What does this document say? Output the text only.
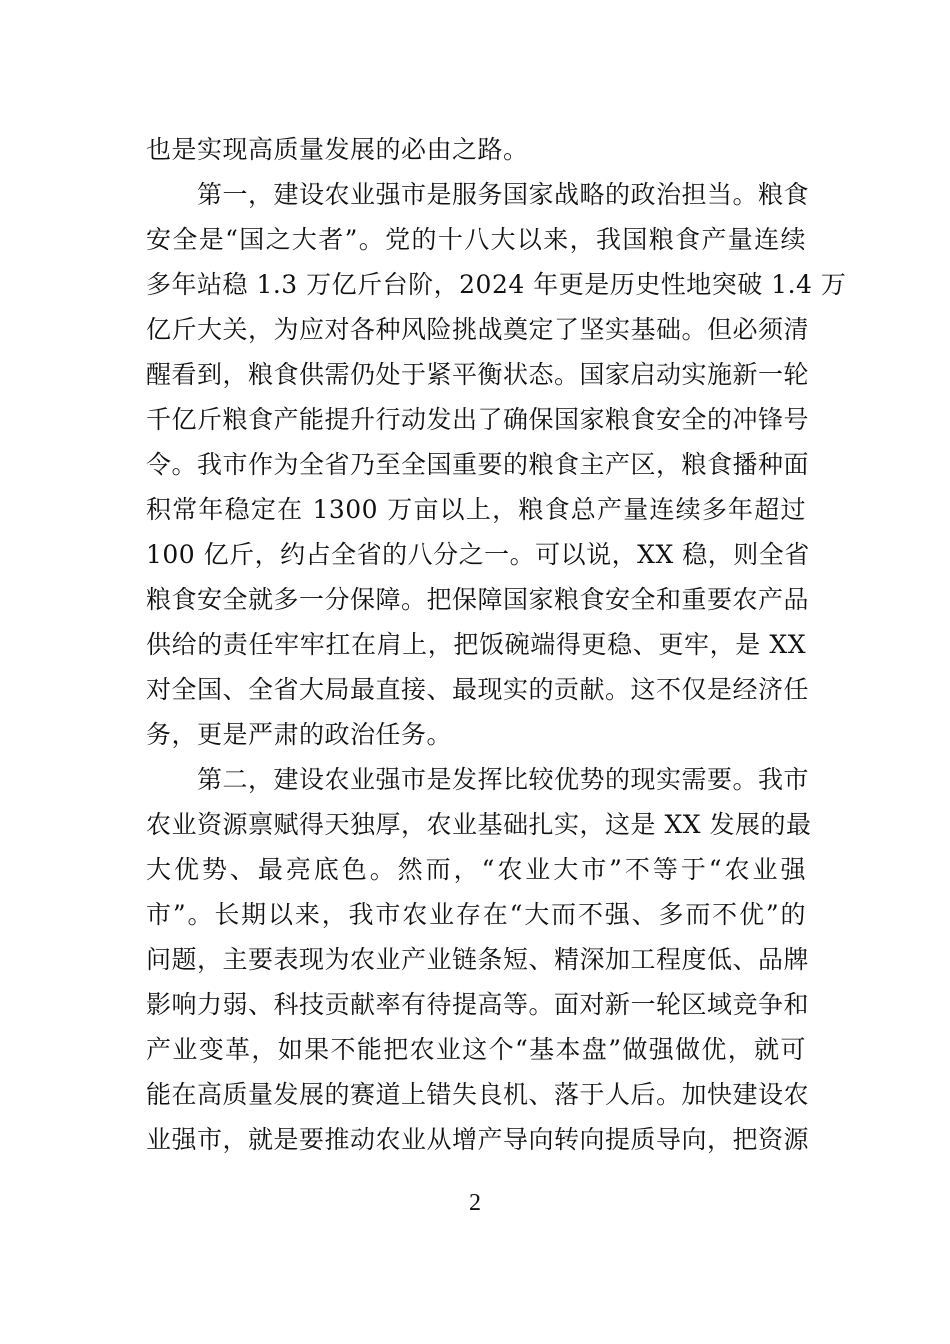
也是实现高质量发展的必由之路。
第一，建设农业强市是服务国家战略的政治担当。粮食
安全是“国之大者”。党的十八大以来，我国粮食产量连续
多年站稳 1.3 万亿斤台阶，2024 年更是历史性地突破 1.4 万
亿斤大关，为应对各种风险挑战奠定了坚实基础。但必须清
醒看到，粮食供需仍处于紧平衡状态。国家启动实施新一轮
千亿斤粮食产能提升行动发出了确保国家粮食安全的冲锋号
令。我市作为全省乃至全国重要的粮食主产区，粮食播种面
积常年稳定在 1300 万亩以上，粮食总产量连续多年超过
100 亿斤，约占全省的八分之一。可以说，XX 稳，则全省
粮食安全就多一分保障。把保障国家粮食安全和重要农产品
供给的责任牢牢扛在肩上，把饭碗端得更稳、更牢，是 XX
对全国、全省大局最直接、最现实的贡献。这不仅是经济任
务，更是严肃的政治任务。
第二，建设农业强市是发挥比较优势的现实需要。我市
农业资源禀赋得天独厚，农业基础扎实，这是 XX 发展的最
大优势、最亮底色。然而，“农业大市”不等于“农业强
市”。长期以来，我市农业存在“大而不强、多而不优”的
问题，主要表现为农业产业链条短、精深加工程度低、品牌
影响力弱、科技贡献率有待提高等。面对新一轮区域竞争和
产业变革，如果不能把农业这个“基本盘”做强做优，就可
能在高质量发展的赛道上错失良机、落于人后。加快建设农
业强市，就是要推动农业从增产导向转向提质导向，把资源
2
